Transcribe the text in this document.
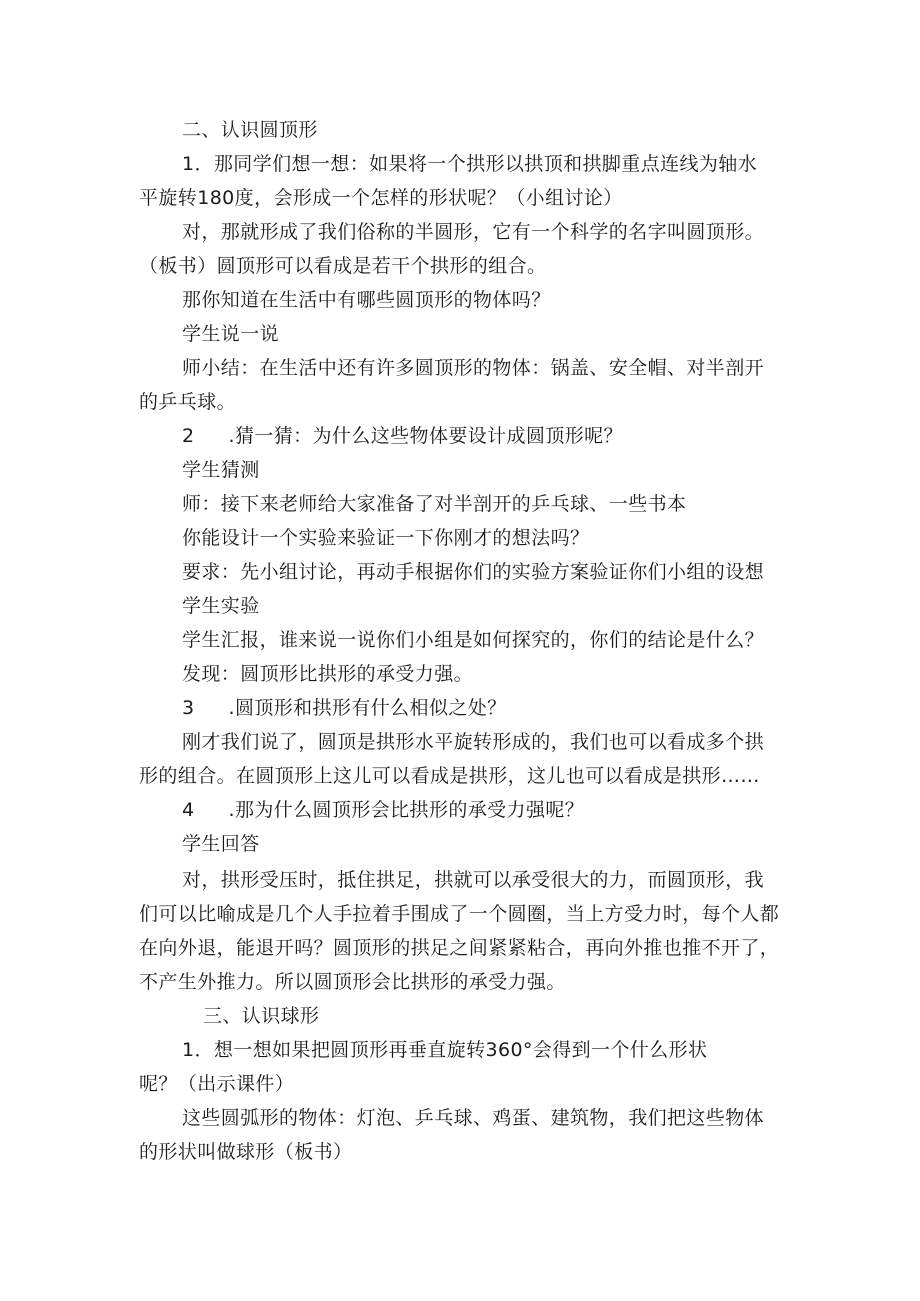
二、认识圆顶形
1．那同学们想一想：如果将一个拱形以拱顶和拱脚重点连线为轴水
平旋转180度，会形成一个怎样的形状呢？（小组讨论）
对，那就形成了我们俗称的半圆形，它有一个科学的名字叫圆顶形。
（板书）圆顶形可以看成是若干个拱形的组合。
那你知道在生活中有哪些圆顶形的物体吗？
学生说一说
师小结：在生活中还有许多圆顶形的物体：锅盖、安全帽、对半剖开
的乒乓球。
2 .猜一猜：为什么这些物体要设计成圆顶形呢？
学生猜测
师：接下来老师给大家准备了对半剖开的乒乓球、一些书本
你能设计一个实验来验证一下你刚才的想法吗？
要求：先小组讨论，再动手根据你们的实验方案验证你们小组的设想
学生实验
学生汇报，谁来说一说你们小组是如何探究的，你们的结论是什么？
发现：圆顶形比拱形的承受力强。
3 .圆顶形和拱形有什么相似之处？
刚才我们说了，圆顶是拱形水平旋转形成的，我们也可以看成多个拱
形的组合。在圆顶形上这儿可以看成是拱形，这儿也可以看成是拱形……
4 .那为什么圆顶形会比拱形的承受力强呢？
学生回答
对，拱形受压时，抵住拱足，拱就可以承受很大的力，而圆顶形，我
们可以比喻成是几个人手拉着手围成了一个圆圈，当上方受力时，每个人都
在向外退，能退开吗？圆顶形的拱足之间紧紧粘合，再向外推也推不开了，
不产生外推力。所以圆顶形会比拱形的承受力强。
三、认识球形
1．想一想如果把圆顶形再垂直旋转360°会得到一个什么形状
呢？（出示课件）
这些圆弧形的物体：灯泡、乒乓球、鸡蛋、建筑物，我们把这些物体
的形状叫做球形（板书）
